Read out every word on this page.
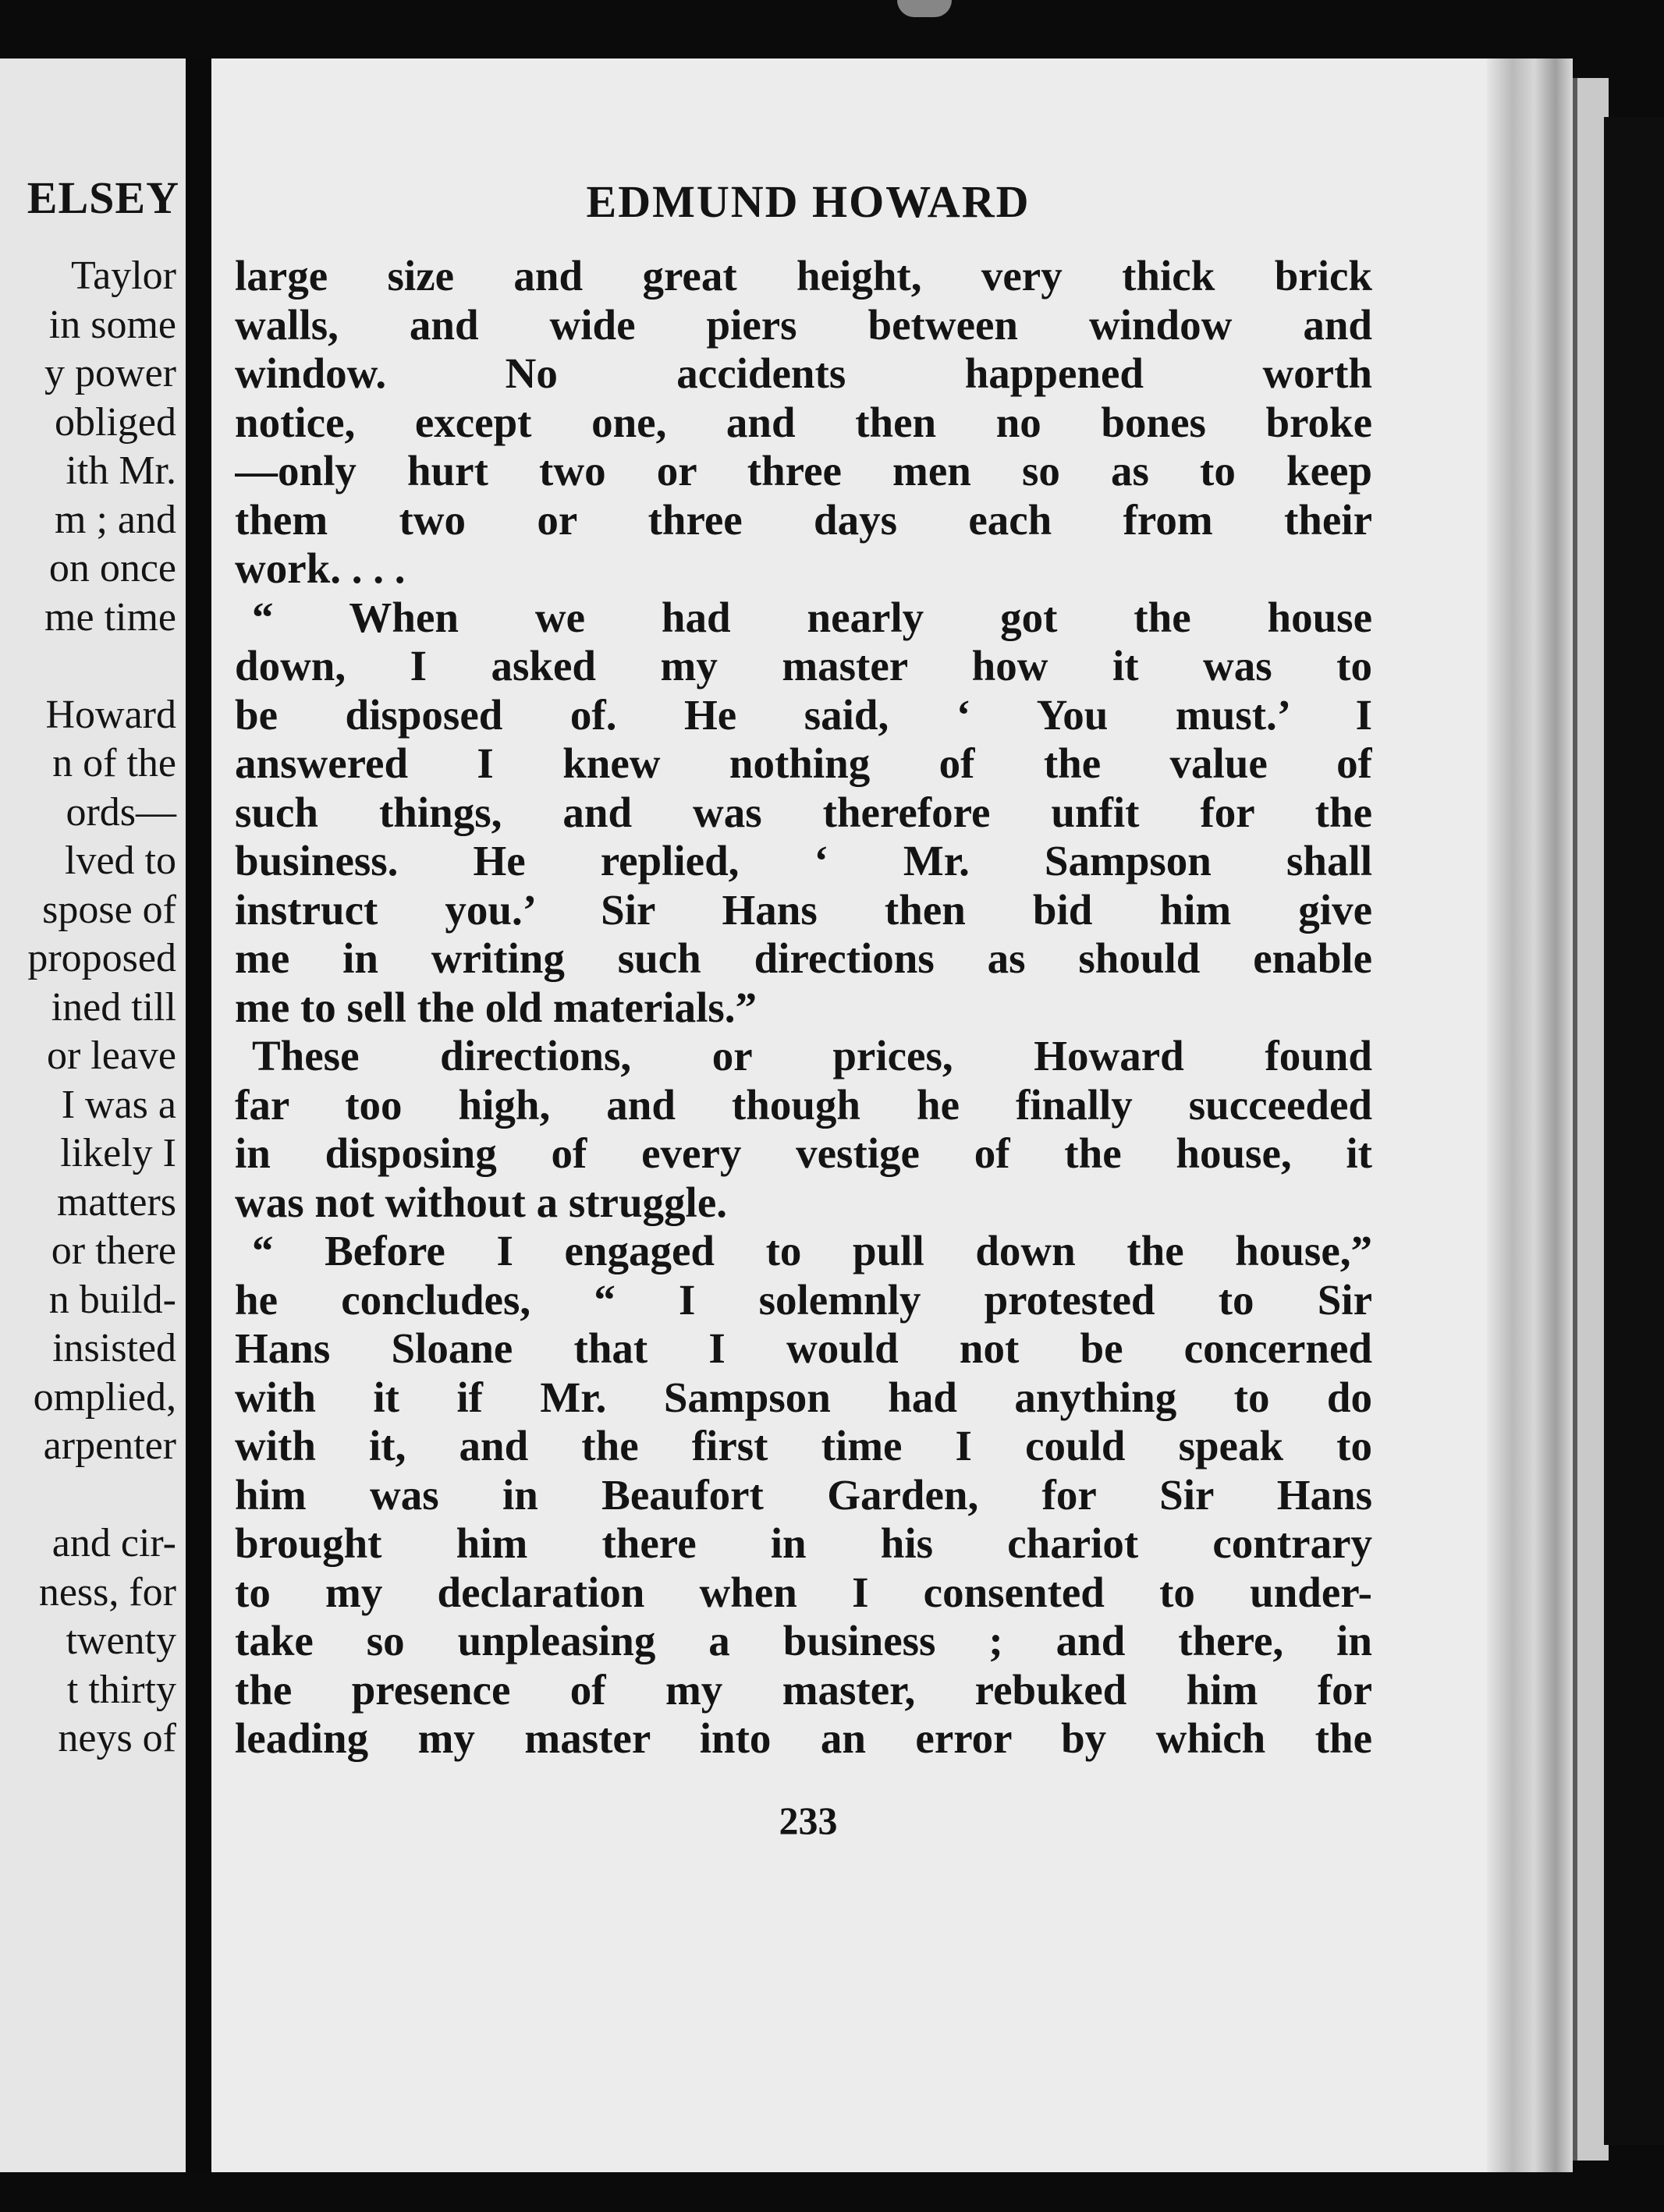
ELSEY
Taylor
in some
y power
obliged
ith Mr.
m ; and
on once
me time
Howard
n of the
ords—
lved to
spose of
proposed
ined till
or leave
I was a
likely I
matters
or there
n build-
insisted
omplied,
arpenter
and cir-
ness, for
twenty
t thirty
neys of
EDMUND HOWARD
large size and great height, very thick brick
walls, and wide piers between window and
window. No accidents happened worth
notice, except one, and then no bones broke
—only hurt two or three men so as to keep
them two or three days each from their
work. . . .
“ When we had nearly got the house
down, I asked my master how it was to
be disposed of. He said, ‘ You must.’ I
answered I knew nothing of the value of
such things, and was therefore unfit for the
business. He replied, ‘ Mr. Sampson shall
instruct you.’ Sir Hans then bid him give
me in writing such directions as should enable
me to sell the old materials.”
These directions, or prices, Howard found
far too high, and though he finally succeeded
in disposing of every vestige of the house, it
was not without a struggle.
“ Before I engaged to pull down the house,”
he concludes, “ I solemnly protested to Sir
Hans Sloane that I would not be concerned
with it if Mr. Sampson had anything to do
with it, and the first time I could speak to
him was in Beaufort Garden, for Sir Hans
brought him there in his chariot contrary
to my declaration when I consented to under-
take so unpleasing a business ; and there, in
the presence of my master, rebuked him for
leading my master into an error by which the
233
